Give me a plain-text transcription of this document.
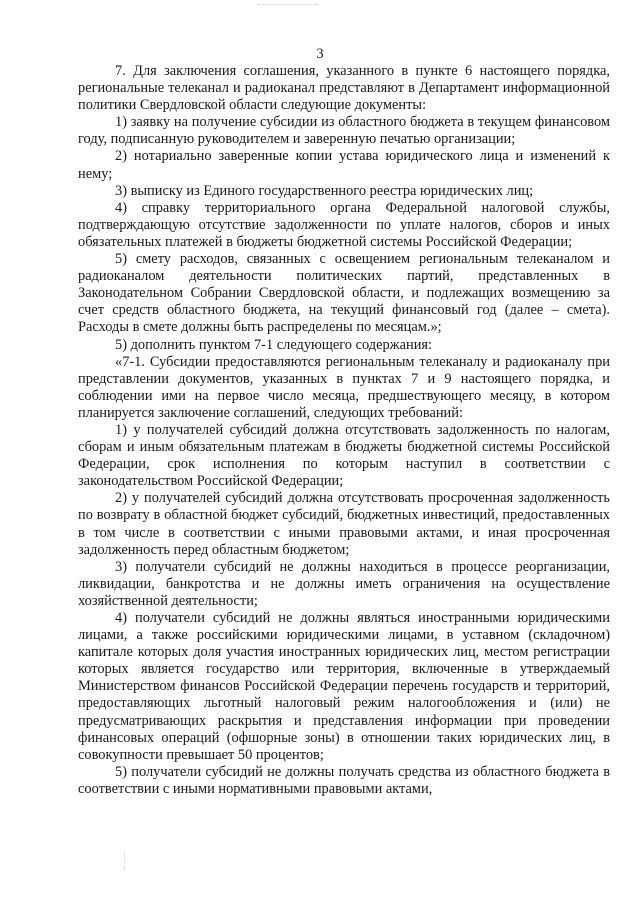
3

7. Для заключения соглашения, указанного в пункте 6 настоящего порядка, региональные телеканал и радиоканал представляют в Департамент информационной политики Свердловской области следующие документы:

1) заявку на получение субсидии из областного бюджета в текущем финансовом году, подписанную руководителем и заверенную печатью организации;

2) нотариально заверенные копии устава юридического лица и изменений к нему;

3) выписку из Единого государственного реестра юридических лиц;

4) справку территориального органа Федеральной налоговой службы, подтверждающую отсутствие задолженности по уплате налогов, сборов и иных обязательных платежей в бюджеты бюджетной системы Российской Федерации;

5) смету расходов, связанных с освещением региональным телеканалом и радиоканалом деятельности политических партий, представленных в Законодательном Собрании Свердловской области, и подлежащих возмещению за счет средств областного бюджета, на текущий финансовый год (далее – смета). Расходы в смете должны быть распределены по месяцам.»;

5) дополнить пунктом 7-1 следующего содержания:

«7-1. Субсидии предоставляются региональным телеканалу и радиоканалу при представлении документов, указанных в пунктах 7 и 9 настоящего порядка, и соблюдении ими на первое число месяца, предшествующего месяцу, в котором планируется заключение соглашений, следующих требований:

1) у получателей субсидий должна отсутствовать задолженность по налогам, сборам и иным обязательным платежам в бюджеты бюджетной системы Российской Федерации, срок исполнения по которым наступил в соответствии с законодательством Российской Федерации;

2) у получателей субсидий должна отсутствовать просроченная задолженность по возврату в областной бюджет субсидий, бюджетных инвестиций, предоставленных в том числе в соответствии с иными правовыми актами, и иная просроченная задолженность перед областным бюджетом;

3) получатели субсидий не должны находиться в процессе реорганизации, ликвидации, банкротства и не должны иметь ограничения на осуществление хозяйственной деятельности;

4) получатели субсидий не должны являться иностранными юридическими лицами, а также российскими юридическими лицами, в уставном (складочном) капитале которых доля участия иностранных юридических лиц, местом регистрации которых является государство или территория, включенные в утверждаемый Министерством финансов Российской Федерации перечень государств и территорий, предоставляющих льготный налоговый режим налогообложения и (или) не предусматривающих раскрытия и представления информации при проведении финансовых операций (офшорные зоны) в отношении таких юридических лиц, в совокупности превышает 50 процентов;

5) получатели субсидий не должны получать средства из областного бюджета в соответствии с иными нормативными правовыми актами,
